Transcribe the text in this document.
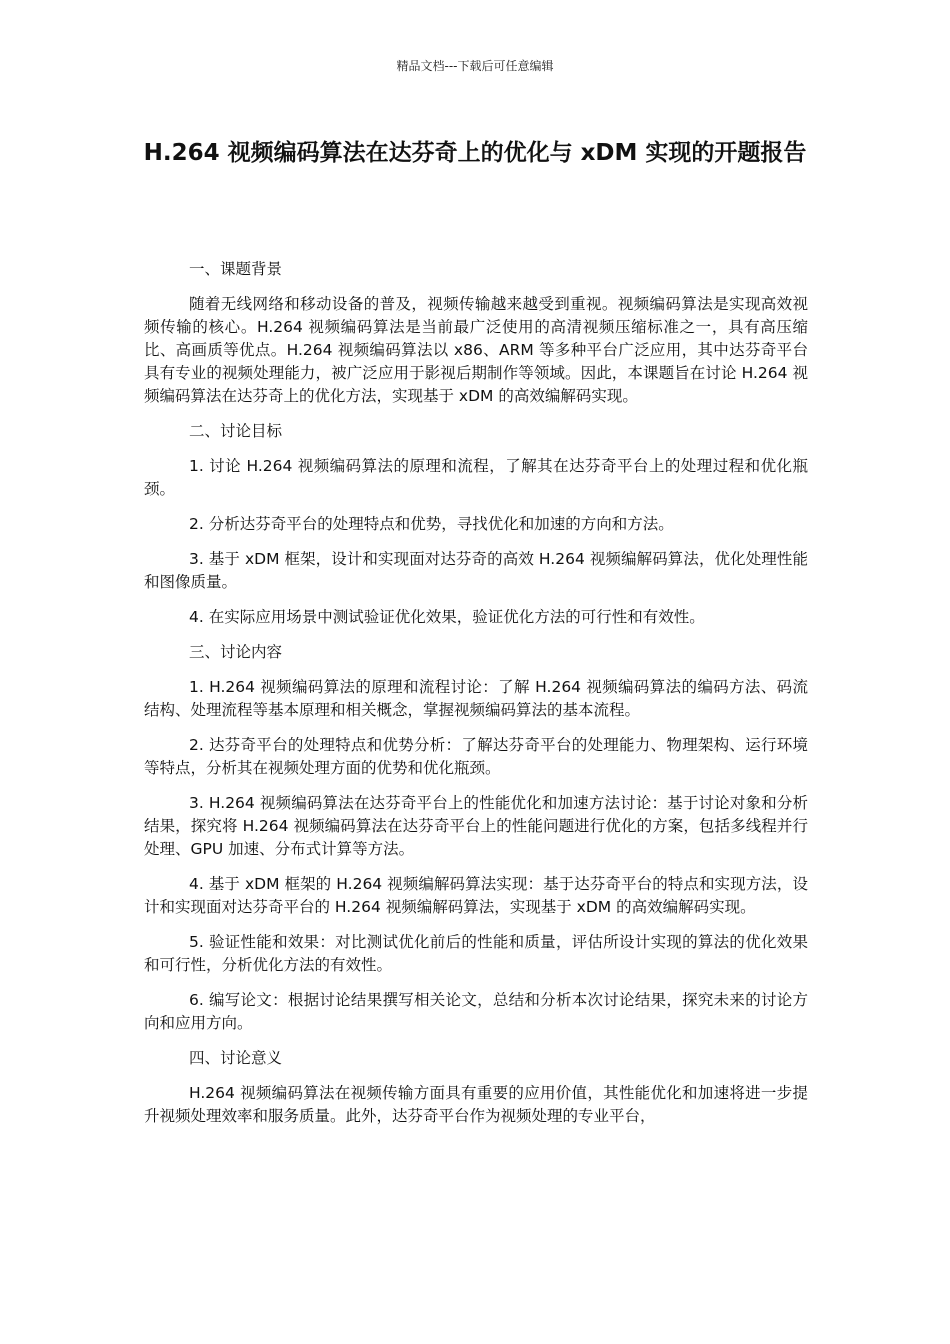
精品文档---下载后可任意编辑
H.264 视频编码算法在达芬奇上的优化与 xDM 实现的开题报告
一、课题背景

随着无线网络和移动设备的普及，视频传输越来越受到重视。视频编码算法是实现高效视频传输的核心。H.264 视频编码算法是当前最广泛使用的高清视频压缩标准之一，具有高压缩比、高画质等优点。H.264 视频编码算法以 x86、ARM 等多种平台广泛应用，其中达芬奇平台具有专业的视频处理能力，被广泛应用于影视后期制作等领域。因此，本课题旨在讨论 H.264 视频编码算法在达芬奇上的优化方法，实现基于 xDM 的高效编解码实现。

二、讨论目标

1. 讨论 H.264 视频编码算法的原理和流程，了解其在达芬奇平台上的处理过程和优化瓶颈。

2. 分析达芬奇平台的处理特点和优势，寻找优化和加速的方向和方法。

3. 基于 xDM 框架，设计和实现面对达芬奇的高效 H.264 视频编解码算法，优化处理性能和图像质量。

4. 在实际应用场景中测试验证优化效果，验证优化方法的可行性和有效性。

三、讨论内容

1. H.264 视频编码算法的原理和流程讨论：了解 H.264 视频编码算法的编码方法、码流结构、处理流程等基本原理和相关概念，掌握视频编码算法的基本流程。

2. 达芬奇平台的处理特点和优势分析：了解达芬奇平台的处理能力、物理架构、运行环境等特点，分析其在视频处理方面的优势和优化瓶颈。

3. H.264 视频编码算法在达芬奇平台上的性能优化和加速方法讨论：基于讨论对象和分析结果，探究将 H.264 视频编码算法在达芬奇平台上的性能问题进行优化的方案，包括多线程并行处理、GPU 加速、分布式计算等方法。

4. 基于 xDM 框架的 H.264 视频编解码算法实现：基于达芬奇平台的特点和实现方法，设计和实现面对达芬奇平台的 H.264 视频编解码算法，实现基于 xDM 的高效编解码实现。

5. 验证性能和效果：对比测试优化前后的性能和质量，评估所设计实现的算法的优化效果和可行性，分析优化方法的有效性。

6. 编写论文：根据讨论结果撰写相关论文，总结和分析本次讨论结果，探究未来的讨论方向和应用方向。

四、讨论意义

H.264 视频编码算法在视频传输方面具有重要的应用价值，其性能优化和加速将进一步提升视频处理效率和服务质量。此外，达芬奇平台作为视频处理的专业平台，
